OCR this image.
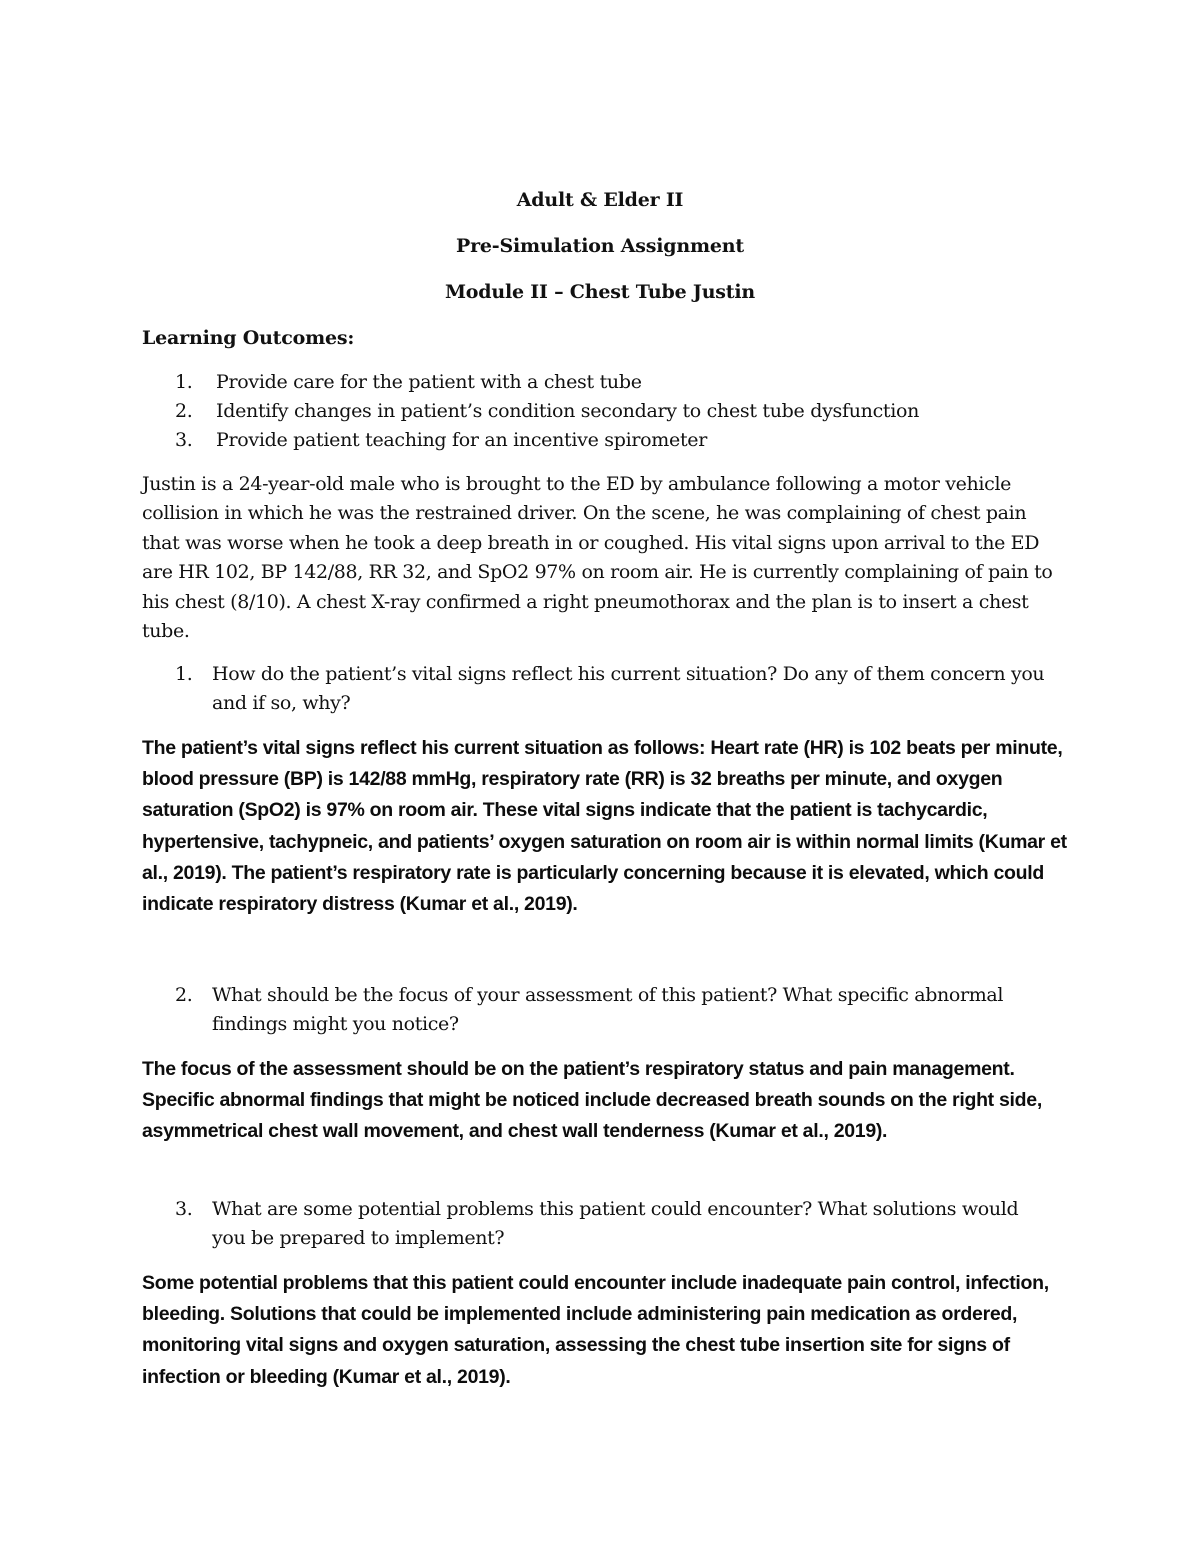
Adult & Elder II
Pre-Simulation Assignment
Module II – Chest Tube Justin
Learning Outcomes:
1.	Provide care for the patient with a chest tube
2.	Identify changes in patient’s condition secondary to chest tube dysfunction
3.	Provide patient teaching for an incentive spirometer

Justin is a 24-year-old male who is brought to the ED by ambulance following a motor vehicle collision in which he was the restrained driver. On the scene, he was complaining of chest pain that was worse when he took a deep breath in or coughed. His vital signs upon arrival to the ED are HR 102, BP 142/88, RR 32, and SpO2 97% on room air. He is currently complaining of pain to his chest (8/10). A chest X-ray confirmed a right pneumothorax and the plan is to insert a chest tube.

1. How do the patient’s vital signs reflect his current situation? Do any of them concern you and if so, why?

The patient’s vital signs reflect his current situation as follows: Heart rate (HR) is 102 beats per minute, blood pressure (BP) is 142/88 mmHg, respiratory rate (RR) is 32 breaths per minute, and oxygen saturation (SpO2) is 97% on room air. These vital signs indicate that the patient is tachycardic, hypertensive, tachypneic, and patients’ oxygen saturation on room air is within normal limits (Kumar et al., 2019). The patient’s respiratory rate is particularly concerning because it is elevated, which could indicate respiratory distress (Kumar et al., 2019).

2. What should be the focus of your assessment of this patient? What specific abnormal findings might you notice?

The focus of the assessment should be on the patient’s respiratory status and pain management. Specific abnormal findings that might be noticed include decreased breath sounds on the right side, asymmetrical chest wall movement, and chest wall tenderness (Kumar et al., 2019).

3. What are some potential problems this patient could encounter? What solutions would you be prepared to implement?

Some potential problems that this patient could encounter include inadequate pain control, infection, bleeding. Solutions that could be implemented include administering pain medication as ordered, monitoring vital signs and oxygen saturation, assessing the chest tube insertion site for signs of infection or bleeding (Kumar et al., 2019).
